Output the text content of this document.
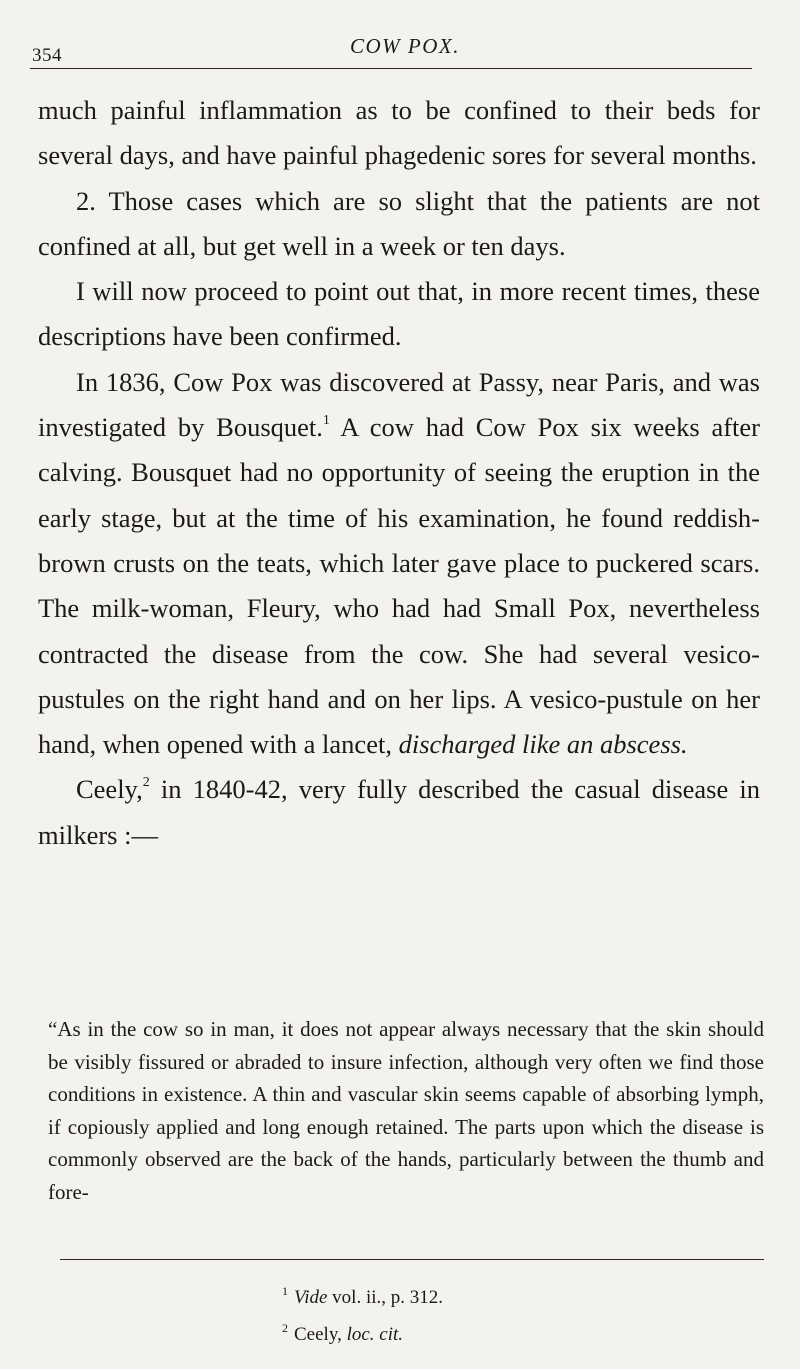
354	COW POX.

much painful inflammation as to be confined to their beds for several days, and have painful phagedenic sores for several months.

2. Those cases which are so slight that the patients are not confined at all, but get well in a week or ten days.

I will now proceed to point out that, in more recent times, these descriptions have been confirmed.

In 1836, Cow Pox was discovered at Passy, near Paris, and was investigated by Bousquet.$^1$ A cow had Cow Pox six weeks after calving. Bousquet had no opportunity of seeing the eruption in the early stage, but at the time of his examination, he found reddish-brown crusts on the teats, which later gave place to puckered scars. The milk-woman, Fleury, who had had Small Pox, nevertheless contracted the disease from the cow. She had several vesico-pustules on the right hand and on her lips. A vesico-pustule on her hand, when opened with a lancet, discharged like an abscess.

Ceely,$^2$ in 1840-42, very fully described the casual disease in milkers :—

“As in the cow so in man, it does not appear always necessary that the skin should be visibly fissured or abraded to insure infection, although very often we find those conditions in existence. A thin and vascular skin seems capable of absorbing lymph, if copiously applied and long enough retained. The parts upon which the disease is commonly observed are the back of the hands, particularly between the thumb and fore-

$^1$ Vide vol. ii., p. 312.
$^2$ Ceely, loc. cit.
